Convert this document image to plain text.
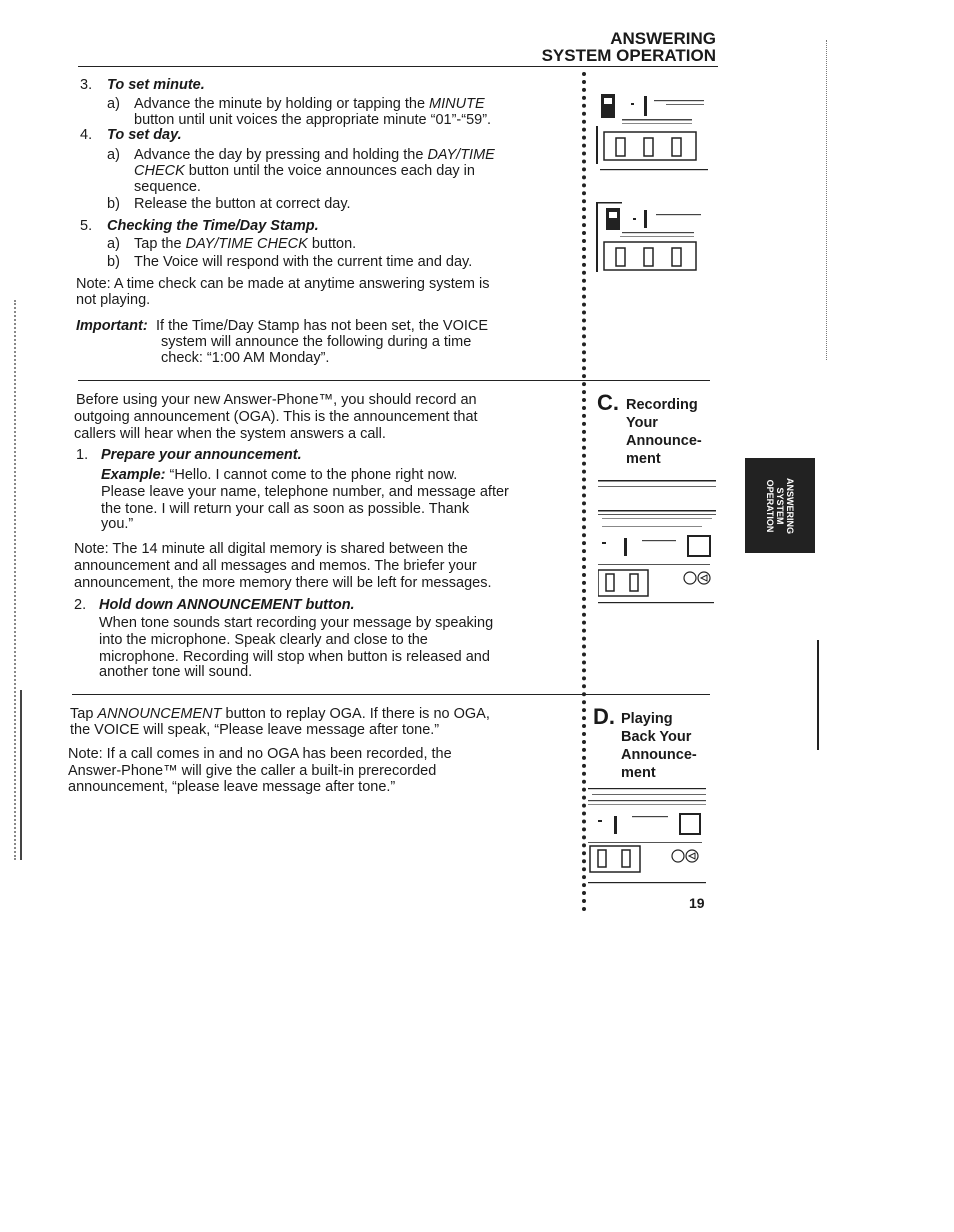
ANSWERING
SYSTEM OPERATION
ANSWERING
SYSTEM
OPERATION
3. To set minute.
a) Advance the minute by holding or tapping the MINUTE
button until unit voices the appropriate minute “01”-“59”.
4. To set day.
a) Advance the day by pressing and holding the DAY/TIME
CHECK button until the voice announces each day in
sequence.
b) Release the button at correct day.
5. Checking the Time/Day Stamp.
a) Tap the DAY/TIME CHECK button.
b) The Voice will respond with the current time and day.
Note: A time check can be made at anytime answering system is
not playing.
Important: If the Time/Day Stamp has not been set, the VOICE
system will announce the following during a time
check: “1:00 AM Monday”.
C. Recording
Your
Announce-
ment
Before using your new Answer-Phone™, you should record an
outgoing announcement (OGA). This is the announcement that
callers will hear when the system answers a call.
1. Prepare your announcement.
Example: “Hello. I cannot come to the phone right now.
Please leave your name, telephone number, and message after
the tone. I will return your call as soon as possible. Thank
you.”
Note: The 14 minute all digital memory is shared between the
announcement and all messages and memos. The briefer your
announcement, the more memory there will be left for messages.
2. Hold down ANNOUNCEMENT button.
When tone sounds start recording your message by speaking
into the microphone. Speak clearly and close to the
microphone. Recording will stop when button is released and
another tone will sound.
D. Playing
Back Your
Announce-
ment
Tap ANNOUNCEMENT button to replay OGA. If there is no OGA,
the VOICE will speak, “Please leave message after tone.”
Note: If a call comes in and no OGA has been recorded, the
Answer-Phone™ will give the caller a built-in prerecorded
announcement, “please leave message after tone.”
19
